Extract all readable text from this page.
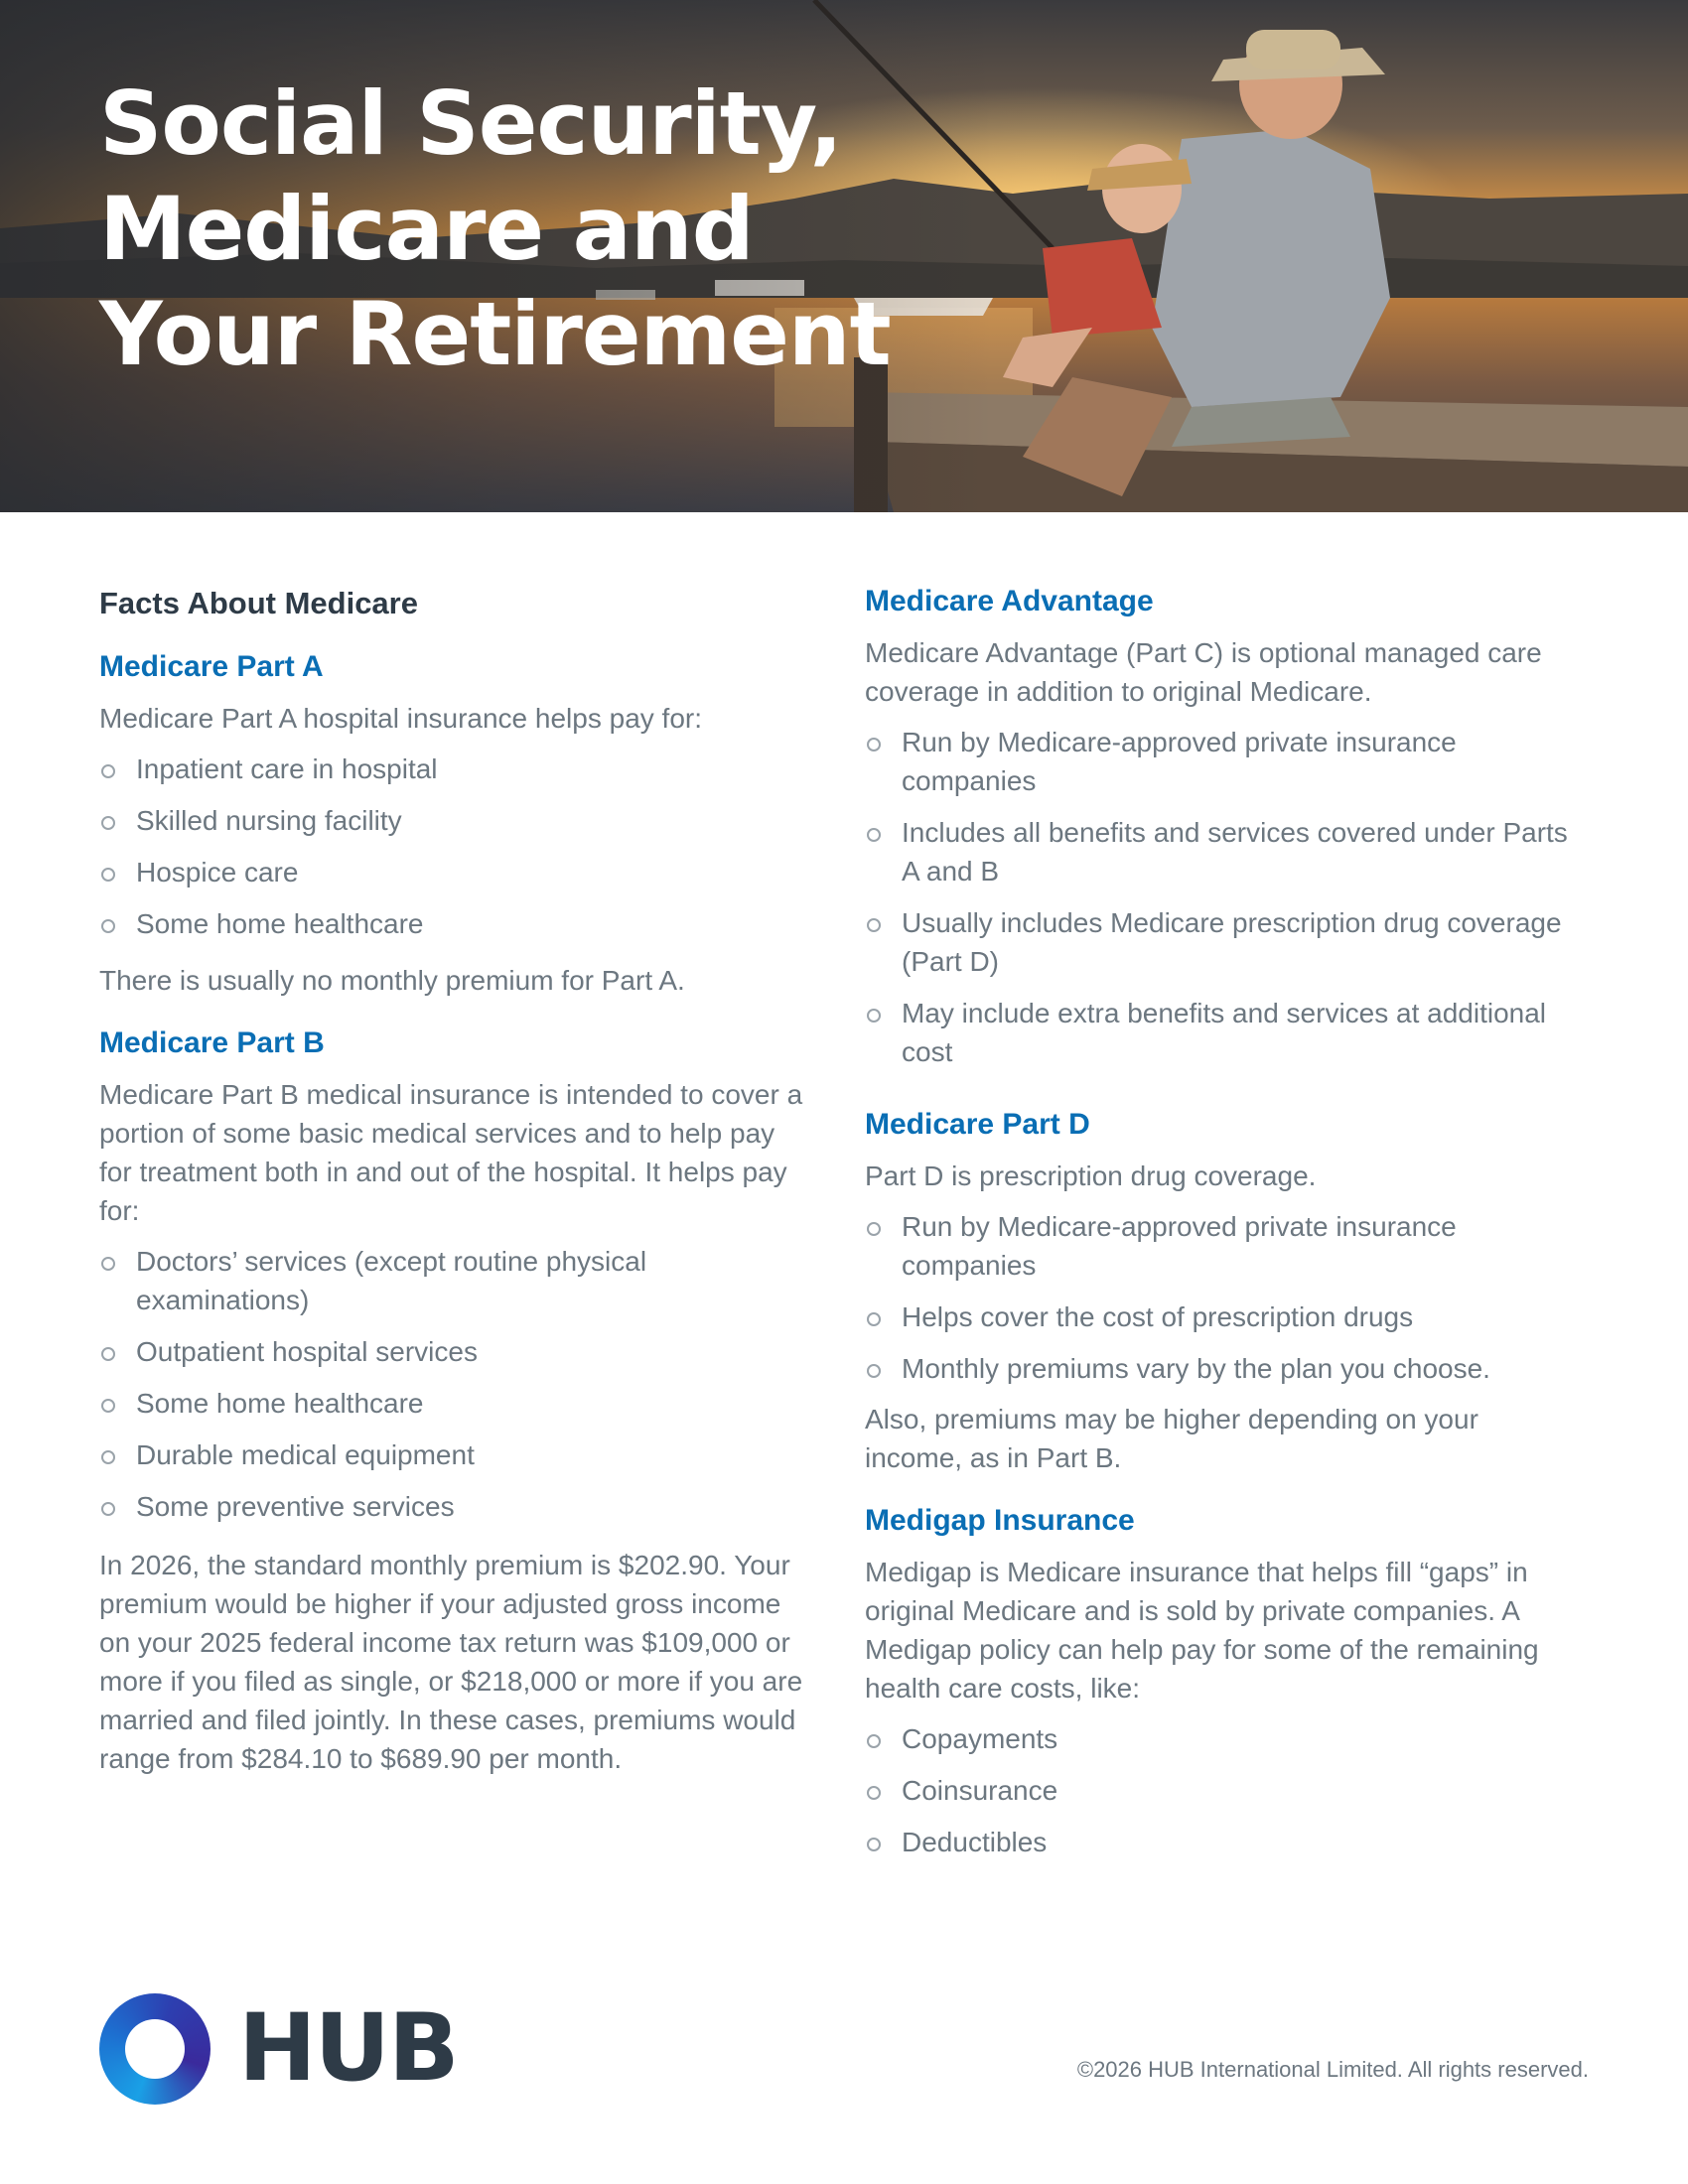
Social Security,
Medicare and
Your Retirement
Facts About Medicare
Medicare Part A

Medicare Part A hospital insurance helps pay for:

Inpatient care in hospital
Skilled nursing facility
Hospice care
Some home healthcare

There is usually no monthly premium for Part A.

Medicare Part B

Medicare Part B medical insurance is intended to cover a portion of some basic medical services and to help pay for treatment both in and out of the hospital. It helps pay for:

Doctors’ services (except routine physical examinations)
Outpatient hospital services
Some home healthcare
Durable medical equipment
Some preventive services

In 2026, the standard monthly premium is $202.90. Your premium would be higher if your adjusted gross income on your 2025 federal income tax return was $109,000 or more if you filed as single, or $218,000 or more if you are married and filed jointly. In these cases, premiums would range from $284.10 to $689.90 per month.

Medicare Advantage

Medicare Advantage (Part C) is optional managed care coverage in addition to original Medicare.

Run by Medicare-approved private insurance companies
Includes all benefits and services covered under Parts A and B
Usually includes Medicare prescription drug coverage (Part D)
May include extra benefits and services at additional cost
Medicare Part D

Part D is prescription drug coverage.

Run by Medicare-approved private insurance companies
Helps cover the cost of prescription drugs
Monthly premiums vary by the plan you choose.

Also, premiums may be higher depending on your income, as in Part B.

Medigap Insurance

Medigap is Medicare insurance that helps fill “gaps” in original Medicare and is sold by private companies. A Medigap policy can help pay for some of the remaining health care costs, like:

Copayments
Coinsurance
Deductibles
HUB	©2026 HUB International Limited. All rights reserved.
